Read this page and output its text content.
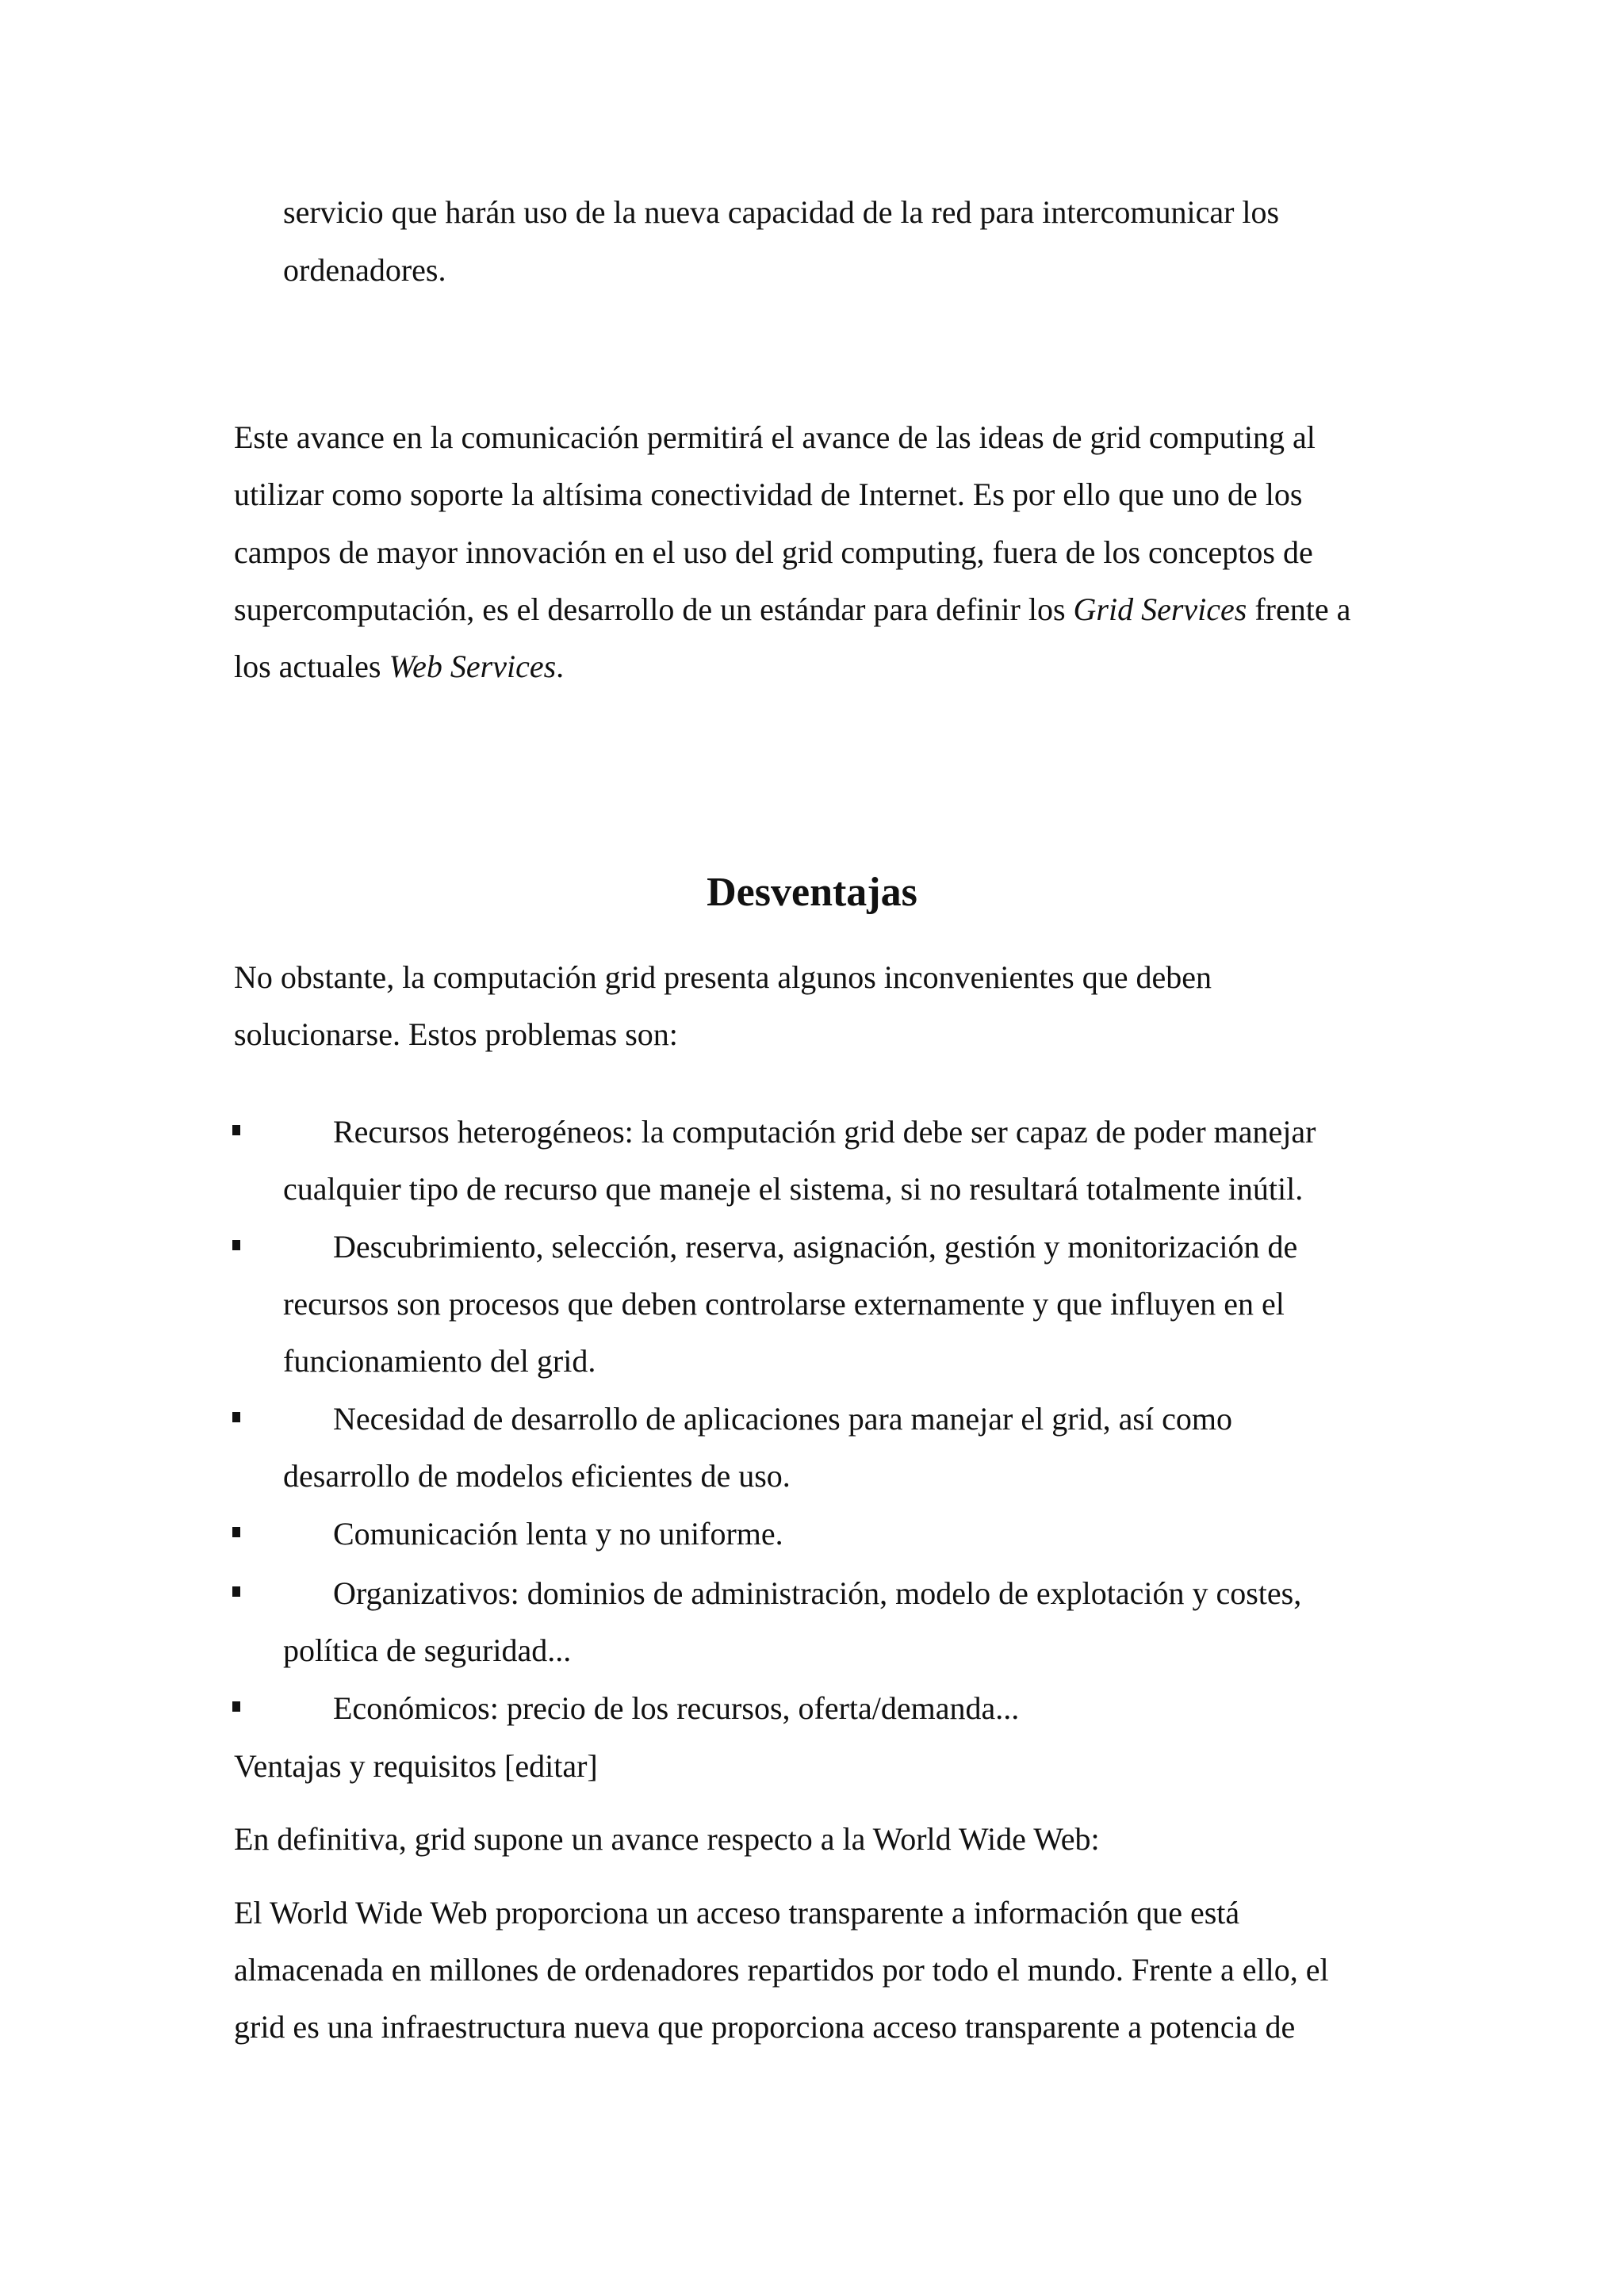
servicio que harán uso de la nueva capacidad de la red para intercomunicar los
ordenadores.
Este avance en la comunicación permitirá el avance de las ideas de grid computing al
utilizar como soporte la altísima conectividad de Internet. Es por ello que uno de los
campos de mayor innovación en el uso del grid computing, fuera de los conceptos de
supercomputación, es el desarrollo de un estándar para definir los Grid Services frente a
los actuales Web Services.
Desventajas
No obstante, la computación grid presenta algunos inconvenientes que deben
solucionarse. Estos problemas son:
Recursos heterogéneos: la computación grid debe ser capaz de poder manejar
cualquier tipo de recurso que maneje el sistema, si no resultará totalmente inútil.
Descubrimiento, selección, reserva, asignación, gestión y monitorización de
recursos son procesos que deben controlarse externamente y que influyen en el
funcionamiento del grid.
Necesidad de desarrollo de aplicaciones para manejar el grid, así como
desarrollo de modelos eficientes de uso.
Comunicación lenta y no uniforme.
Organizativos: dominios de administración, modelo de explotación y costes,
política de seguridad...
Económicos: precio de los recursos, oferta/demanda...
Ventajas y requisitos [editar]
En definitiva, grid supone un avance respecto a la World Wide Web:
El World Wide Web proporciona un acceso transparente a información que está
almacenada en millones de ordenadores repartidos por todo el mundo. Frente a ello, el
grid es una infraestructura nueva que proporciona acceso transparente a potencia de
